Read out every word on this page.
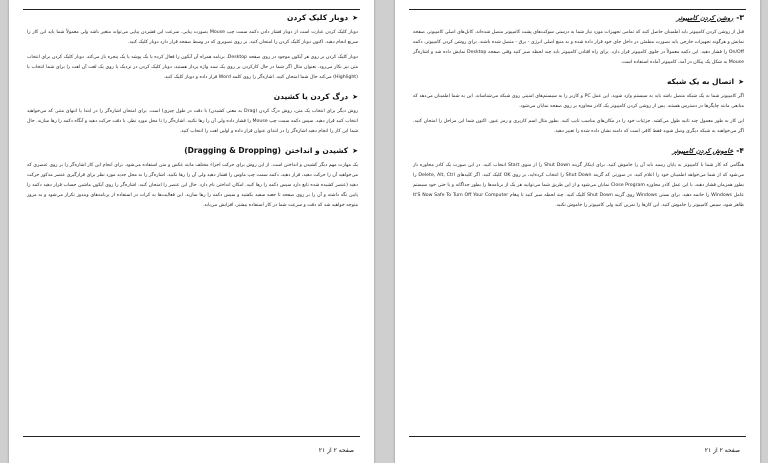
➤
دوبار کلیک کردن

دوبار کلیک کردن عبارت است از دوبار فشار دادن دکمه سمت چپ Mouse بصورت پیاپی. سرعت این فشردن پیاپی می‌تواند متغیر باشد ولی معمولاً شما باید این کار را سریع انجام دهید. اکنون دوبار کلیک کردن را امتحان کنید. بر روی تصویری که در وسط صفحه قرار دارد دوبار کلیک کنید.

دوبار کلیک کردن بر روی هر آیکون موجود در روی صفحه Desktop، برنامه همراه آن آیکون را فعال کرده یا یک پوشه یا یک پنجره باز می‌کند. دوبار کلیک کردن برای انتخاب متن نیز بکار می‌رود. بعنوان مثال اگر شما در حال کارکردن بر روی یک سند واژه پرداز هستید، دوبار کلیک کردن در نزدیک یا روی یک لغت آن لغت را برای شما انتخاب یا (Highlight) می‌کند حال شما امتحان کنید. اشاره‌گر را روی کلمه Word قرار داده و دوبار کلیک کنید.

➤
درگ کردن یا کشیدن

روش دیگر برای انتخاب یک متن، روش درگ کردن (Drag به معنی کشیدن) با دقت در طول چیزی) است. برای امتحان اشاره‌گر را در ابتدا یا انتهای متنی که می‌خواهید انتخاب کنید قرار دهید. سپس دکمه سمت چپ Mouse را فشار داده ولی آن را رها نکنید. اشاره‌گر را تا محل مورد نظر، با دقت حرکت دهید و آنگاه دکمه را رها سازید. حال شما این کار را انجام دهید اشاره‌گر را در ابتدای عنوان قرار داده و اولین لغت را انتخاب کنید.

➤
کشیدن و انداختن
(Dragging & Dropping)

یک مهارت مهم دیگر کشیدن و انداختن است. از این روش برای حرکت اجزاء مختلف مانند عکس و متن استفاده می‌شود. برای انجام این کار اشاره‌گر را بر روی عنصری که می‌خواهید آن را حرکت دهید، قرار دهید، دکمه سمت چپ ماوس را فشار دهید ولی آن را رها نکنید. اشاره‌گر را به محل جدید مورد نظر برای قرارگیری عنصر مذکور حرکت دهید (عنصر کشیده شده تابع دارد سپس دکمه را رها کنید. امکان انداختن نام دارد. حال این عنصر را امتحان کنید. اشاره‌گر را روی آیکون ماشین حساب قرار دهید دکمه را پایین نگه داشته و آن را بر روی صفحه تا جعبه سفید بکشید و سپس دکمه را رها سازید. این فعالیت‌ها به کرات در استفاده از برنامه‌های ویندوز تکرار می‌شود و به مرور متوجه خواهید شد که دقت و سرعت شما در کار استفاده بیشتر، افزایش می‌یابد.

صفحه ۲ از ۲۱
۳-
روشن کردن کامپیوتر

قبل از روشن کردن کامپیوتر باید اطمینان حاصل کنید که تمامی تجهیزات مورد نیاز شما به درستی سوکت‌های پشت کامپیوتر متصل شده‌اند. کابل‌های اصلی کامپیوتر، صفحه نمایش و هرگونه تجهیزات خارجی باید بصورت مطمئن در داخل جای خود قرار داده شده و به منبع اصلی انرژی - برق - متصل شده باشند. برای روشن کردن کامپیوتر، دکمه On/Off را فشار دهید. این دکمه معمولاً در جلوی کامپیوتر قرار دارد. برای راه افتادن کامپیوتر باید چند لحظه صبر کنید وقتی صفحه Desktop نمایش داده شد و اشاره‌گر Mouse به شکل یک پیکان در آمد، کامپیوتر آماده استفاده است.

➤
اتصال به یک شبکه

اگر کامپیوتر شما به یک شبکه متصل باشد باید به سیستم وارد شوید. این عمل PC و کاربر را به سیستم‌های امنیتی روی شبکه می‌شناساند. این به شما اطمینان می‌دهد که منابعی مانند چاپگرها در دسترس هستند. پس از روشن کردن کامپیوتر یک کادر محاوره بر روی صفحه نمایان می‌شود.

این کار به طور معمول چند ثانیه طول می‌کشد. جزئیات خود را در مکان‌های مناسب تایپ کنید. بطور مثال اسم کاربری و رمز عبور. اکنون شما این مراحل را امتحان کنید. اگر می‌خواهید به شبکه دیگری وصل شوید فقط کافی است که دامنه نشان داده شده را تغییر دهید.

۴-
خاموش کردن کامپیوتر

هنگامی که کار شما با کامپیوتر به پایان رسید باید آن را خاموش کنید. برای اینکار گزینه Shut Down را از منوی Start انتخاب کنید. در این صورت یک کادر محاوره باز می‌شود که از شما می‌خواهد اطمینان خود را اعلام کنید. در صورتی که گزینه Shut Down را انتخاب کرده‌اید، بر روی OK کلیک کنید. اگر کلیدهای Delete, Alt, Ctrl را بطور همزمان فشار دهید، با این عمل کادر محاوره Close Program نمایان می‌شود و از این طریق شما می‌توانید هر یک از برنامه‌ها را بطور جداگانه و یا حتی خود سیستم عامل Windows را خاتمه دهید. برای بستن Windows روی گزینه Shut Down کلیک کنید. چند لحظه صبر کنید تا پیغام It'S Now Safe To Turn Off Your Computer ظاهر شود، سپس کامپیوتر را خاموش کنید. این کارها را تمرین کنید ولی کامپیوتر را خاموش نکنید.

صفحه ۲ از ۲۱
